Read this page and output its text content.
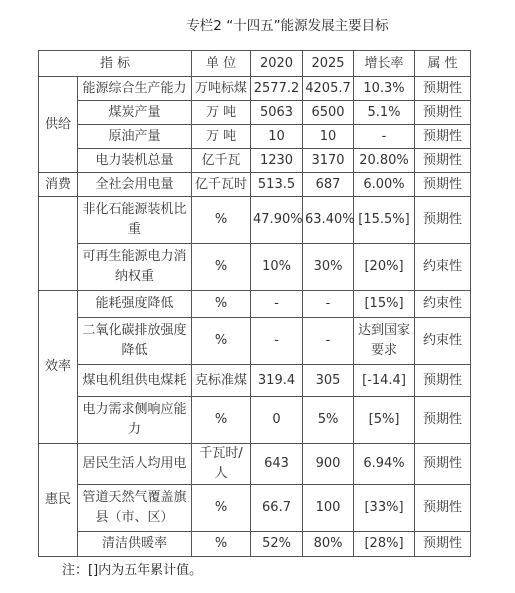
专栏2 “十四五”能源发展主要目标
指 标		单 位	2020	2025	增长率	属 性
供给	能源综合生产能力	万吨标煤	2577.2	4205.7	10.3%	预期性
	煤炭产量	万 吨	5063	6500	5.1%	预期性
	原油产量	万 吨	10	10	-	预期性
	电力装机总量	亿千瓦	1230	3170	20.80%	预期性
消费	全社会用电量	亿千瓦时	513.5	687	6.00%	预期性
	非化石能源装机比重	%	47.90%	63.40%	[15.5%]	预期性
	可再生能源电力消纳权重	%	10%	30%	[20%]	约束性
效率	能耗强度降低	%	-	-	[15%]	约束性
	二氧化碳排放强度降低	%	-	-	达到国家要求	约束性
	煤电机组供电煤耗	克标准煤	319.4	305	[-14.4]	预期性
	电力需求侧响应能力	%	0	5%	[5%]	预期性
惠民	居民生活人均用电	千瓦时/人	643	900	6.94%	预期性
	管道天然气覆盖旗县（市、区）	%	66.7	100	[33%]	预期性
	清洁供暖率	%	52%	80%	[28%]	预期性
注：[]内为五年累计值。
